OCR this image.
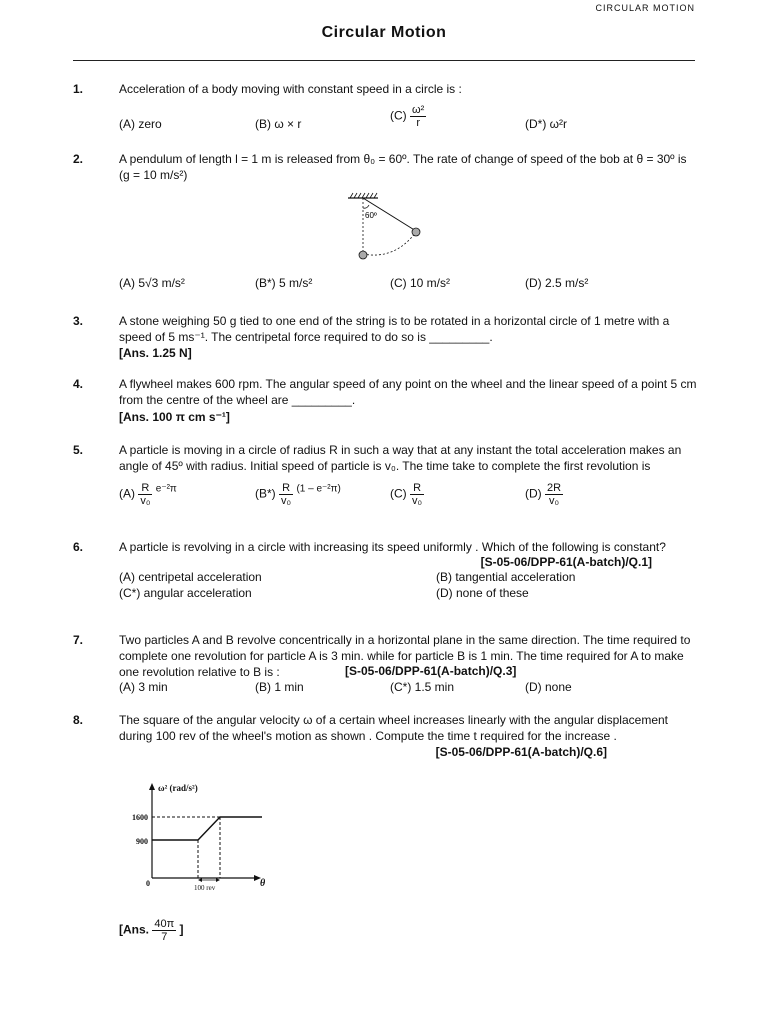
CIRCULAR MOTION
Circular Motion
1.	Acceleration of a body moving with constant speed in a circle is :
(A) zero	(B) ω × r
$(C) \frac{\text{ω²}}{r}$	(D*) ω²r
2.	A pendulum of length l = 1 m is released from θ₀ = 60º. The rate of change of speed of the bob at θ = 30º is (g = 10 m/s²)
60º
(A) 5√3 m/s²	(B*) 5 m/s²	(C) 10 m/s²	(D) 2.5 m/s²
3.	A stone weighing 50 g tied to one end of the string is to be rotated in a horizontal circle of 1 metre with a speed of 5 ms⁻¹. The centripetal force required to do so is _________.
[Ans. 1.25 N]
4.	A flywheel makes 600 rpm. The angular speed of any point on the wheel and the linear speed of a point 5 cm from the centre of the wheel are _________.
[Ans. 100 π cm s⁻¹]
5.	A particle is moving in a circle of radius R in such a way that at any instant the total acceleration makes an angle of 45º with radius. Initial speed of particle is v₀. The time take to complete the first revolution is
$(A) \frac{R}{\text{v₀}} ^{e^{-2}\pi}$	$(B*) \frac{R}{\text{v₀}} ^{(1 - e^{-2}\pi)}$	$(C) \frac{R}{\text{v₀}}$	$(D) \frac{2R}{\text{v₀}}$
6.	A particle is revolving in a circle with increasing its speed uniformly . Which of the following is constant?
[S-05-06/DPP-61(A-batch)/Q.1]
(A) centripetal acceleration	(B) tangential acceleration
(C*) angular acceleration	(D) none of these
7.	Two particles A and B revolve concentrically in a horizontal plane in the same direction. The time required to complete one revolution for particle A is 3 min. while for particle B is 1 min. The time required for A to make one revolution relative to B is :	[S-05-06/DPP-61(A-batch)/Q.3]
(A) 3 min	(B) 1 min	(C*) 1.5 min	(D) none
8.	The square of the angular velocity ω of a certain wheel increases linearly with the angular displacement during 100 rev of the wheel's motion as shown . Compute the time t required for the increase .
[S-05-06/DPP-61(A-batch)/Q.6]
ω² (rad/s²)
θ
1600
900
0	100 rev
[Ans. $\frac{40\pi}{7}$ ]
